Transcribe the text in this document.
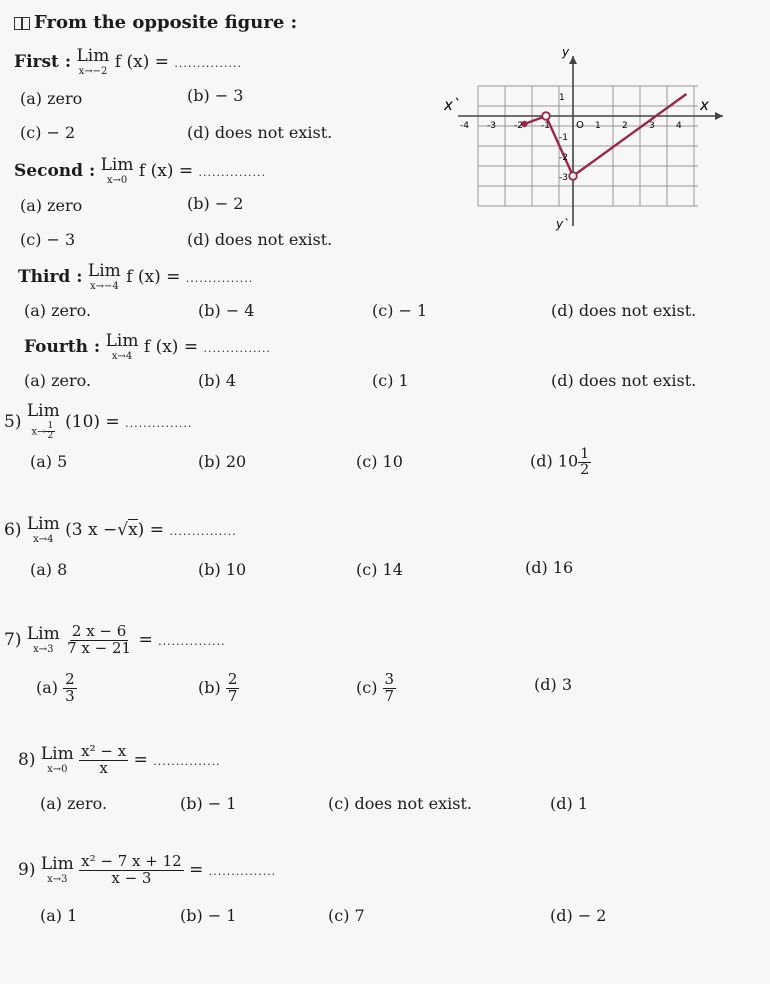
From the opposite figure :
First : Lim
x→−2 f (x) = ...............
(a) zero	(b) − 3
(c) − 2	(d) does not exist.
Second : Lim
x→0 f (x) = ...............
(a) zero	(b) − 2
(c) − 3	(d) does not exist.
-4 -3 -2 -1	1 2 3 4
1
-1
-2
-3
x
x`
y
y`
O
Third : Lim
x→−4 f (x) = ...............
(a) zero.	(b) − 4	(c) − 1	(d) does not exist.
Fourth : Lim
x→4 f (x) = ...............
(a) zero.	(b) 4	(c) 1	(d) does not exist.
5)
Lim
$x\to \frac{1}{2} (10)$ = ...............
(a) 5	(b) 20	(c) 10	(d) $10 \frac{1}{2}$
6) Lim
x→4 (3 x −√x) = ...............
(a) 8	(b) 10	(c) 14	(d) 16
7) Lim
x→3
$\frac{2 x - 6}{7 x - 21}$ = ...............
$(a) \frac{2}{3}$	$(b) \frac{2}{7}$	$(c) \frac{3}{7}$	(d) 3
8) Lim
x→0
$\frac{\text{x² − x}}{x}$ = ...............
(a) zero.	(b) − 1	(c) does not exist.	(d) 1
9) Lim
x→3
$\frac{\text{x² − 7 x + 12}}{x - 3}$ = ...............
(a) 1	(b) − 1	(c) 7	(d) − 2
